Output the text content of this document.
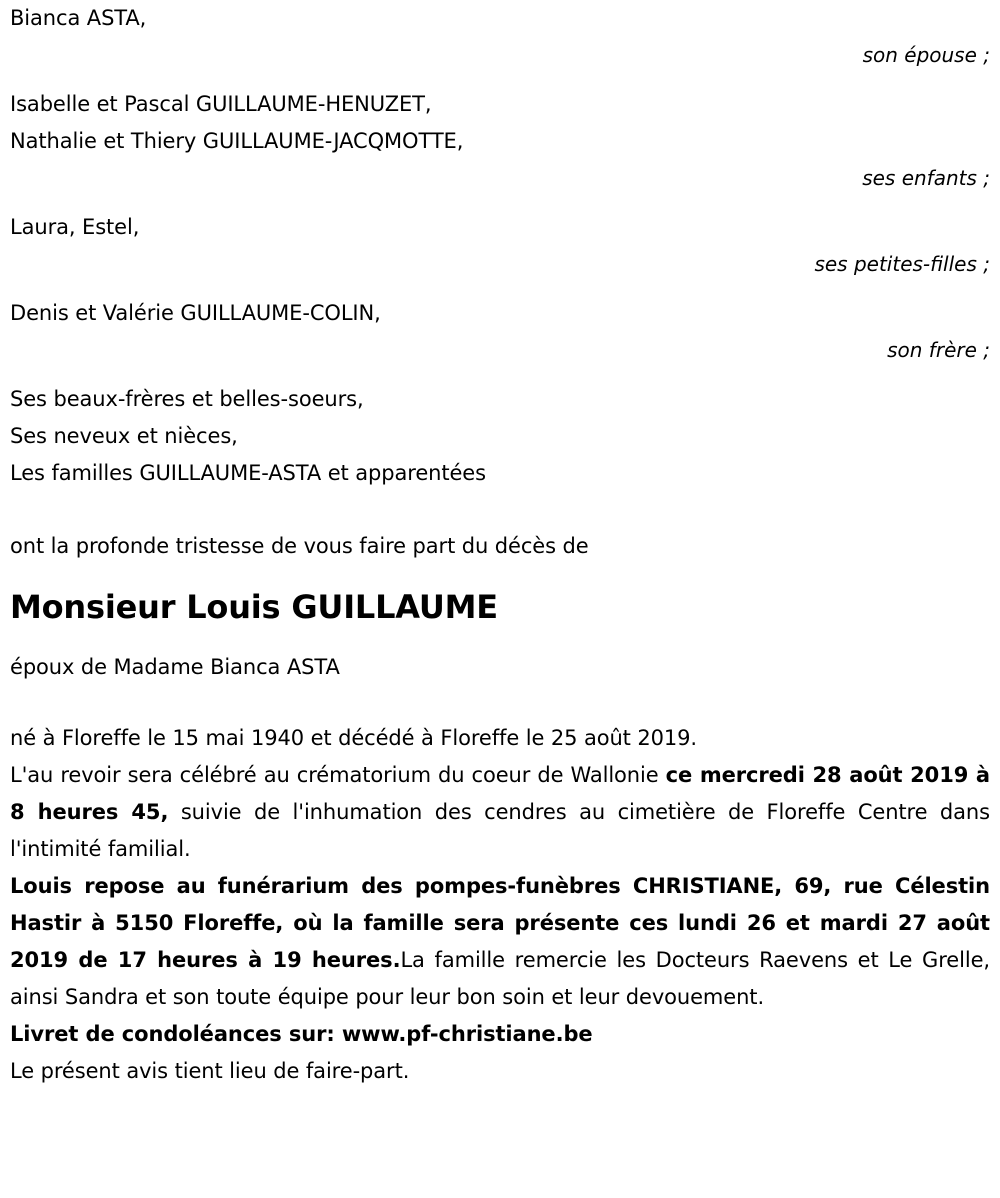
Bianca ASTA,
son épouse ;
Isabelle et Pascal GUILLAUME-HENUZET,
Nathalie et Thiery GUILLAUME-JACQMOTTE,
ses enfants ;
Laura, Estel,
ses petites-filles ;
Denis et Valérie GUILLAUME-COLIN,
son frère ;
Ses beaux-frères et belles-soeurs,
Ses neveux et nièces,
Les familles GUILLAUME-ASTA et apparentées

ont la profonde tristesse de vous faire part du décès de

Monsieur Louis GUILLAUME

époux de Madame Bianca ASTA

né à Floreffe le 15 mai 1940 et décédé à Floreffe le 25 août 2019.

L'au revoir sera célébré au crématorium du coeur de Wallonie ce mercredi 28 août 2019 à 8 heures 45, suivie de l'inhumation des cendres au cimetière de Floreffe Centre dans l'intimité familial.

Louis repose au funérarium des pompes-funèbres CHRISTIANE, 69, rue Célestin Hastir à 5150 Floreffe, où la famille sera présente ces lundi 26 et mardi 27 août 2019 de 17 heures à 19 heures.La famille remercie les Docteurs Raevens et Le Grelle, ainsi Sandra et son toute équipe pour leur bon soin et leur devouement.

Livret de condoléances sur: www.pf-christiane.be

Le présent avis tient lieu de faire-part.
